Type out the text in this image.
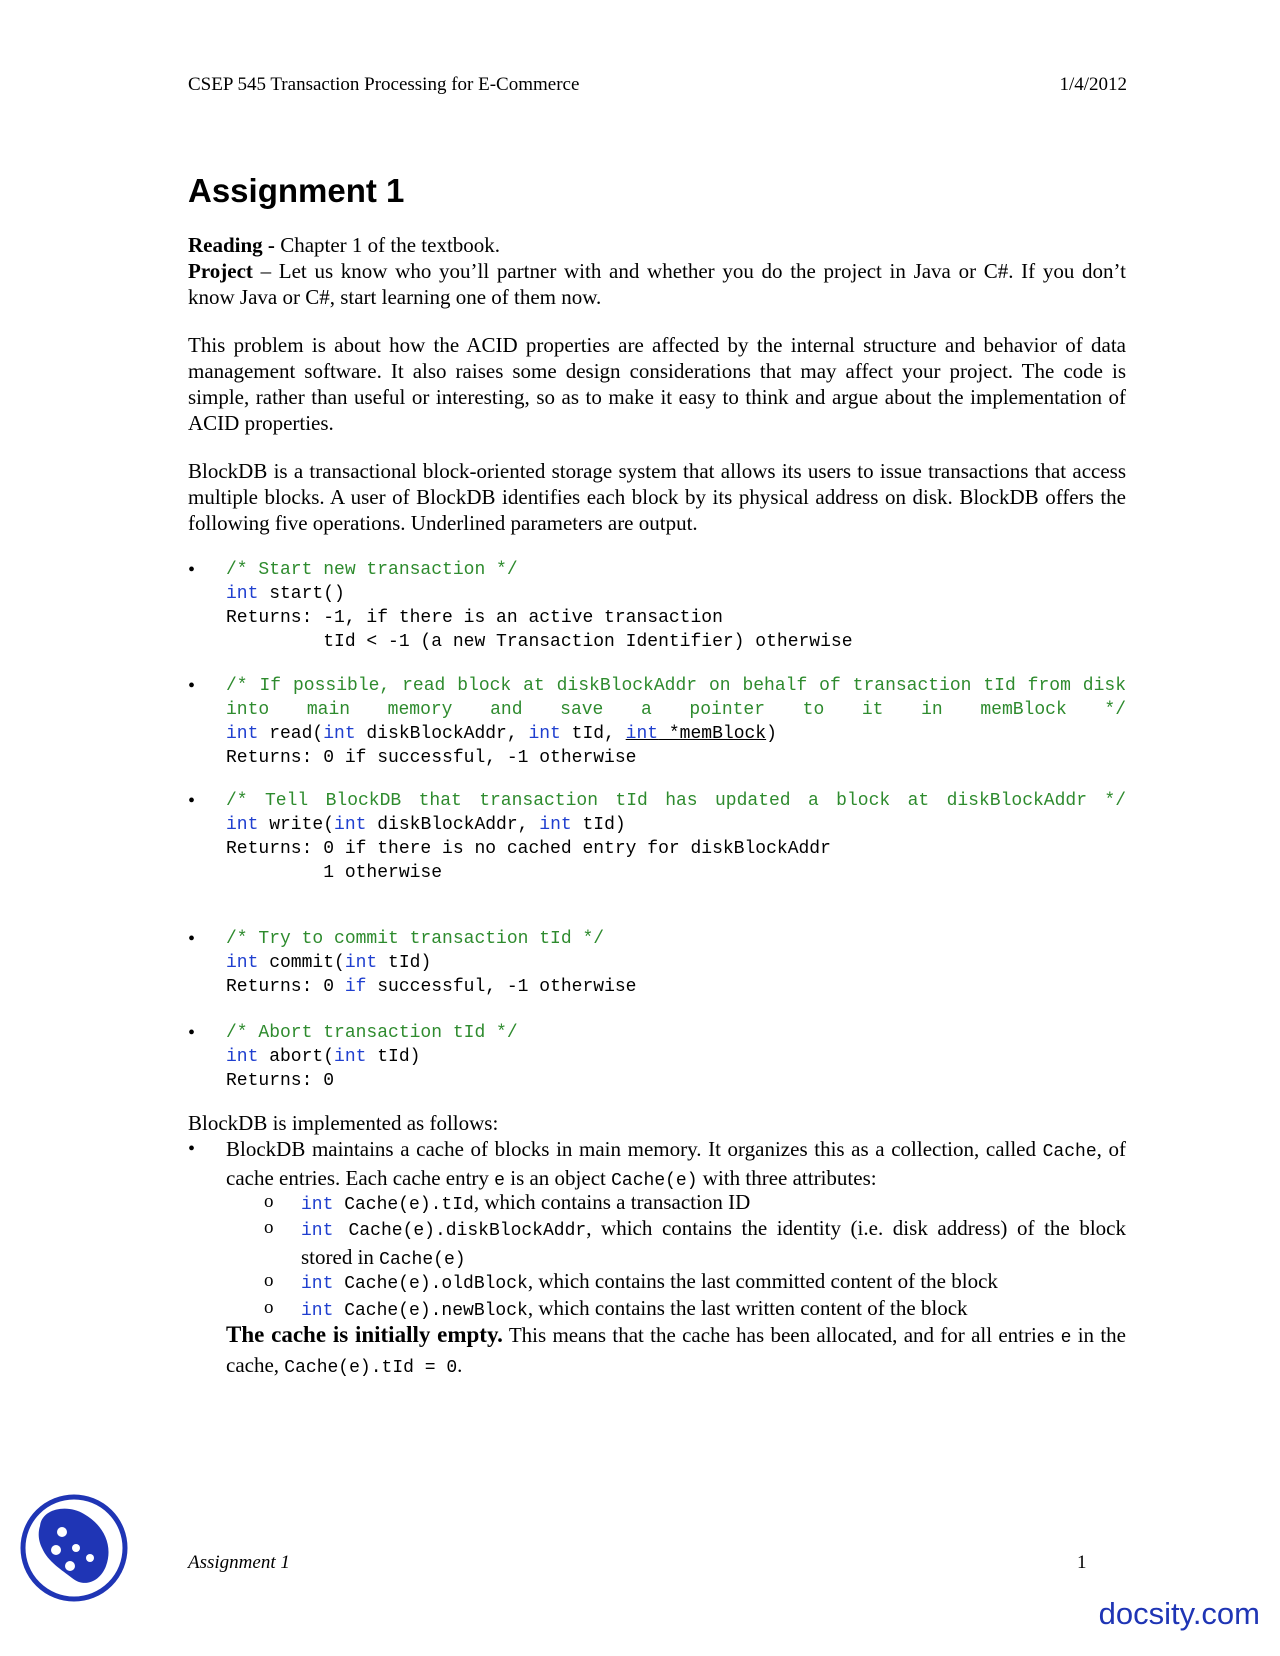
CSEP 545 Transaction Processing for E-Commerce	1/4/2012
Assignment 1
Reading - Chapter 1 of the textbook.
Project – Let us know who you’ll partner with and whether you do the project in Java or C#. If you don’t know Java or C#, start learning one of them now.
This problem is about how the ACID properties are affected by the internal structure and behavior of data management software. It also raises some design considerations that may affect your project. The code is simple, rather than useful or interesting, so as to make it easy to think and argue about the implementation of ACID properties.
BlockDB is a transactional block-oriented storage system that allows its users to issue transactions that access multiple blocks. A user of BlockDB identifies each block by its physical address on disk. BlockDB offers the following five operations. Underlined parameters are output.
• /* Start new transaction */
int start()
Returns: -1, if there is an active transaction
tId < -1 (a new Transaction Identifier) otherwise
• /* If possible, read block at diskBlockAddr on behalf of transaction tId from disk into main memory and save a pointer to it in memBlock */
int read(int diskBlockAddr, int tId, int *memBlock)
Returns: 0 if successful, -1 otherwise
• /* Tell BlockDB that transaction tId has updated a block at diskBlockAddr */
int write(int diskBlockAddr, int tId)
Returns: 0 if there is no cached entry for diskBlockAddr
1 otherwise
• /* Try to commit transaction tId */
int commit(int tId)
Returns: 0 if successful, -1 otherwise
• /* Abort transaction tId */
int abort(int tId)
Returns: 0
BlockDB is implemented as follows:
• BlockDB maintains a cache of blocks in main memory. It organizes this as a collection, called Cache, of cache entries. Each cache entry e is an object Cache(e) with three attributes:
o int Cache(e).tId, which contains a transaction ID
o int Cache(e).diskBlockAddr, which contains the identity (i.e. disk address) of the block stored in Cache(e)
o int Cache(e).oldBlock, which contains the last committed content of the block
o int Cache(e).newBlock, which contains the last written content of the block
The cache is initially empty. This means that the cache has been allocated, and for all entries e in the cache, Cache(e).tId = 0.
Assignment 1	1
docsity.com
